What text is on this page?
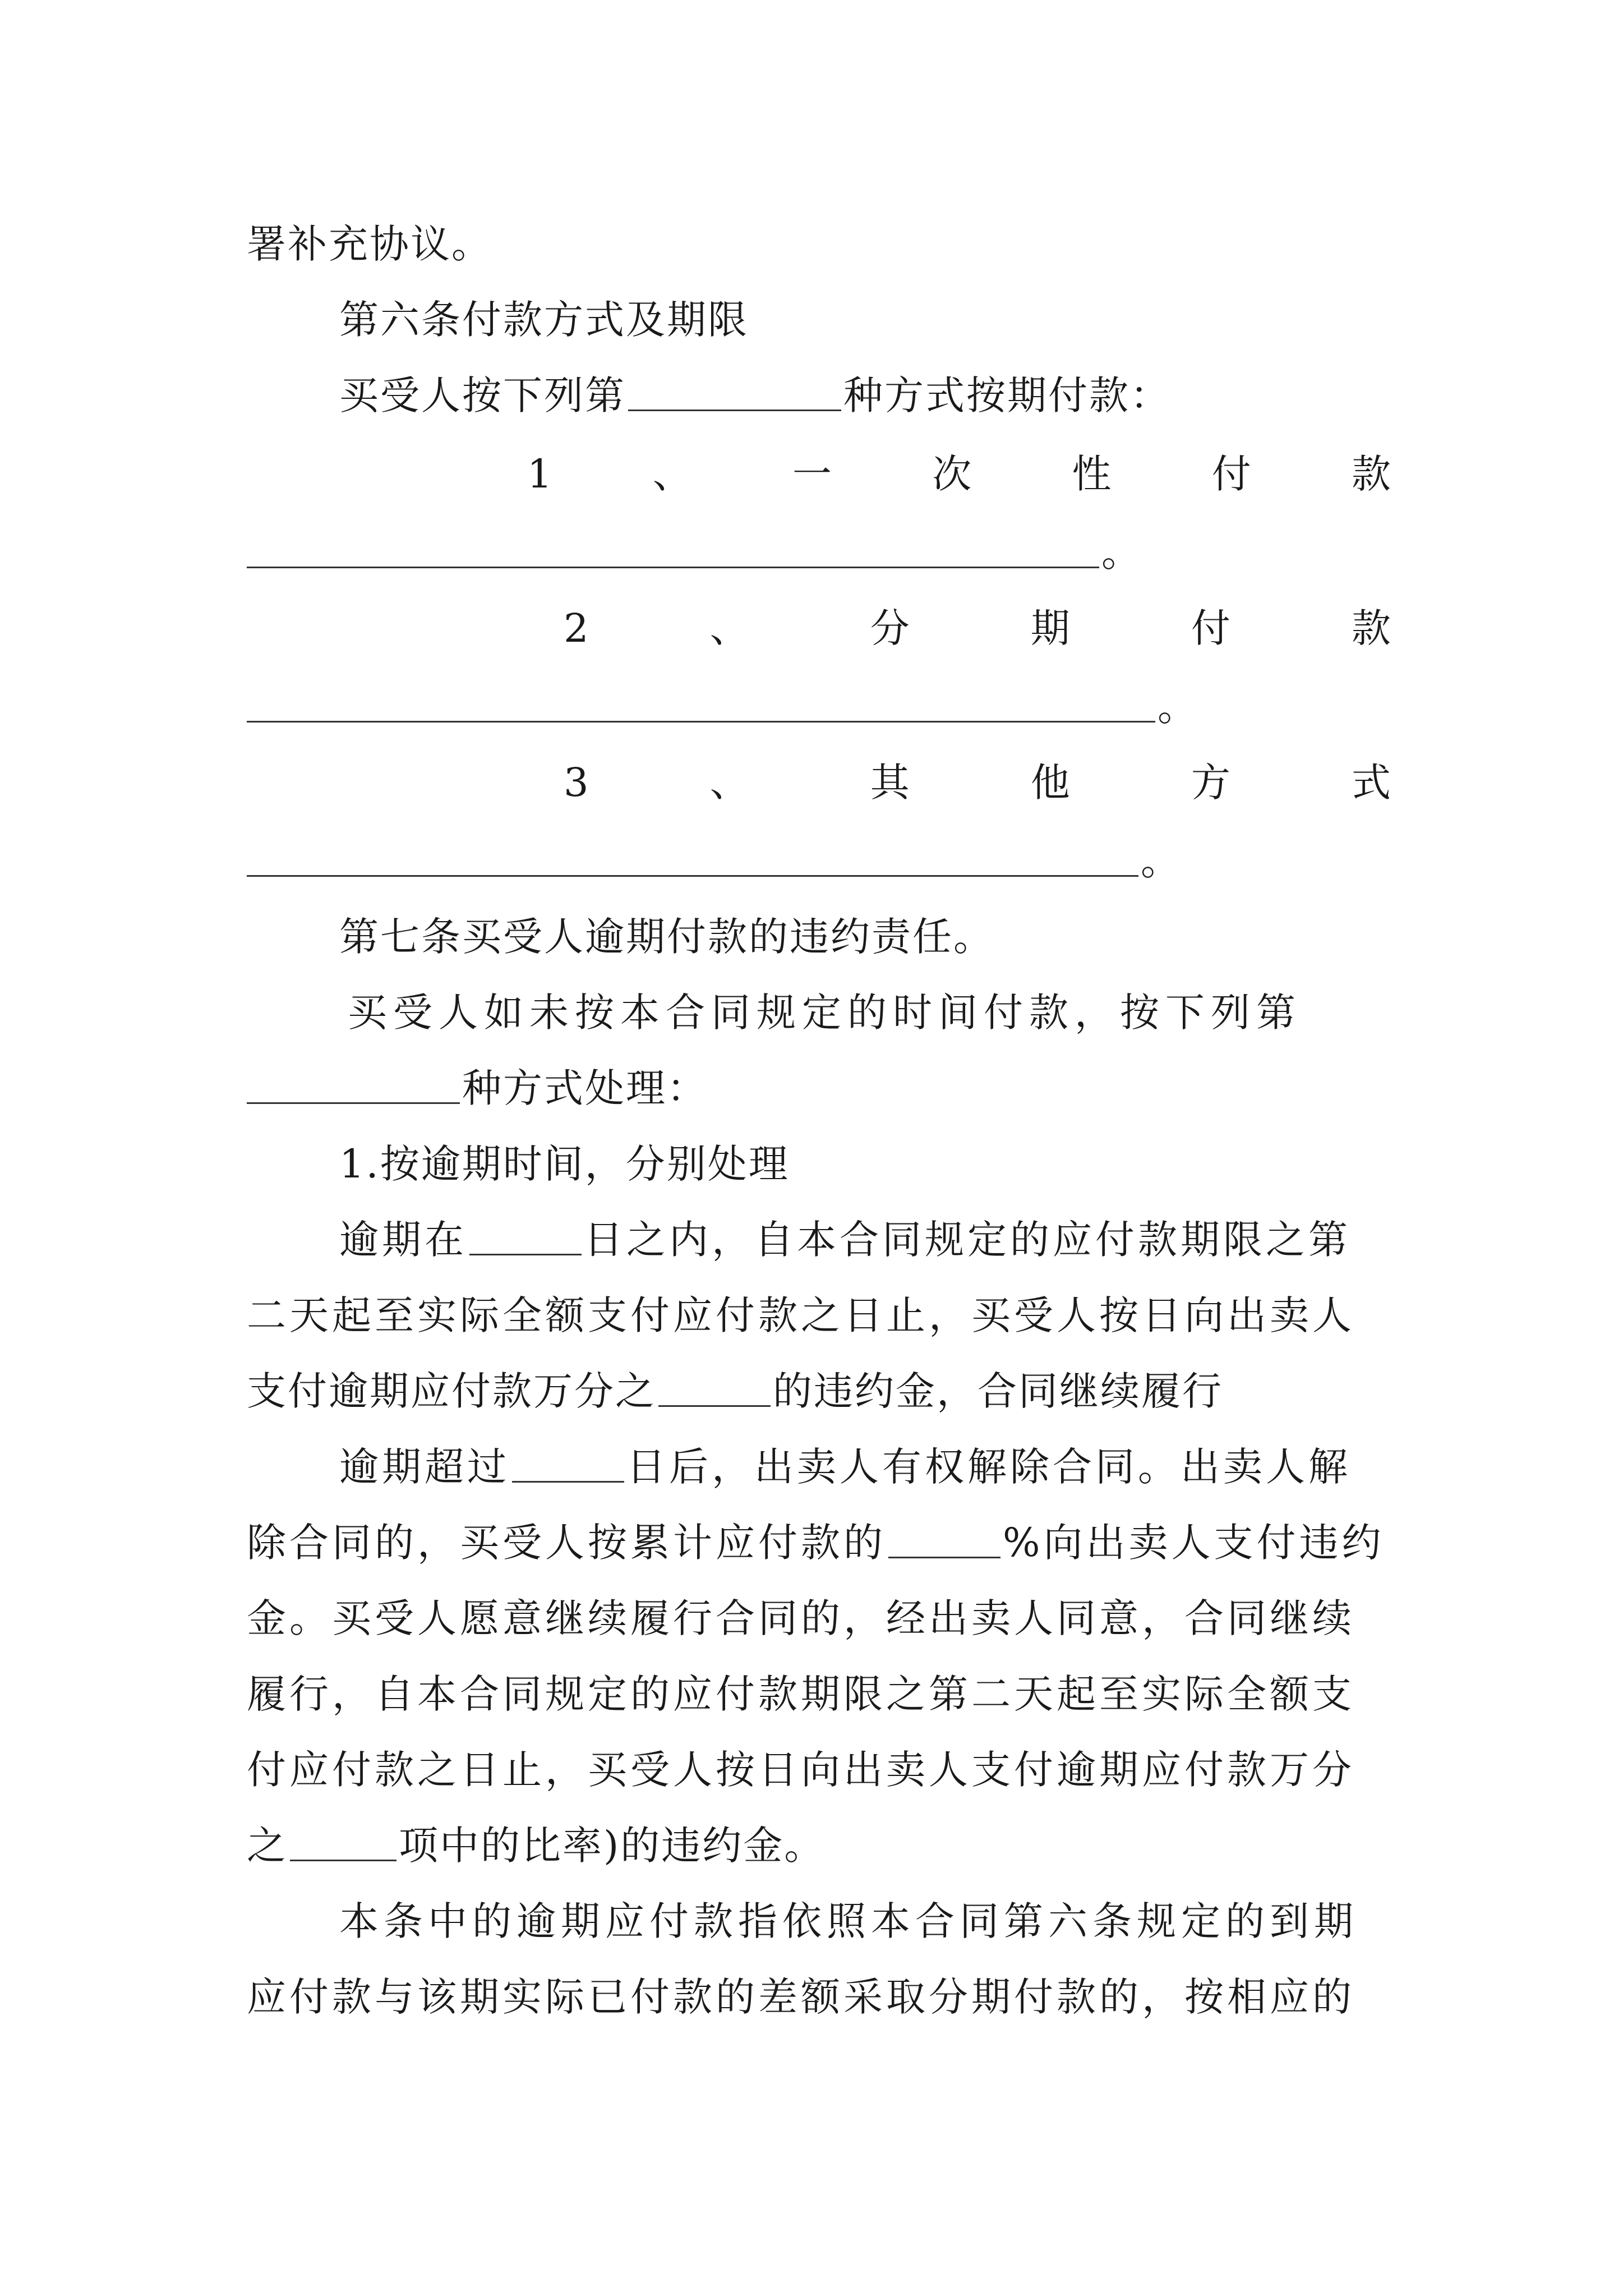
署补充协议。
第六条付款方式及期限
买受人按下列第	种方式按期付款：
1	、	一	次	性	付	款
。
2	、	分	期	付	款
。
3	、	其	他	方	式
。
第七条买受人逾期付款的违约责任。
买受人如未按本合同规定的时间付款，按下列第
种方式处理：
1.按逾期时间，分别处理
逾期在	日之内，自本合同规定的应付款期限之第
二天起至实际全额支付应付款之日止，买受人按日向出卖人
支付逾期应付款万分之	的违约金，合同继续履行
逾期超过	日后，出卖人有权解除合同。出卖人解
除合同的，买受人按累计应付款的	%向出卖人支付违约
金。买受人愿意继续履行合同的，经出卖人同意，合同继续
履行，自本合同规定的应付款期限之第二天起至实际全额支
付应付款之日止，买受人按日向出卖人支付逾期应付款万分
之	项中的比率)的违约金。
本条中的逾期应付款指依照本合同第六条规定的到期
应付款与该期实际已付款的差额采取分期付款的，按相应的
